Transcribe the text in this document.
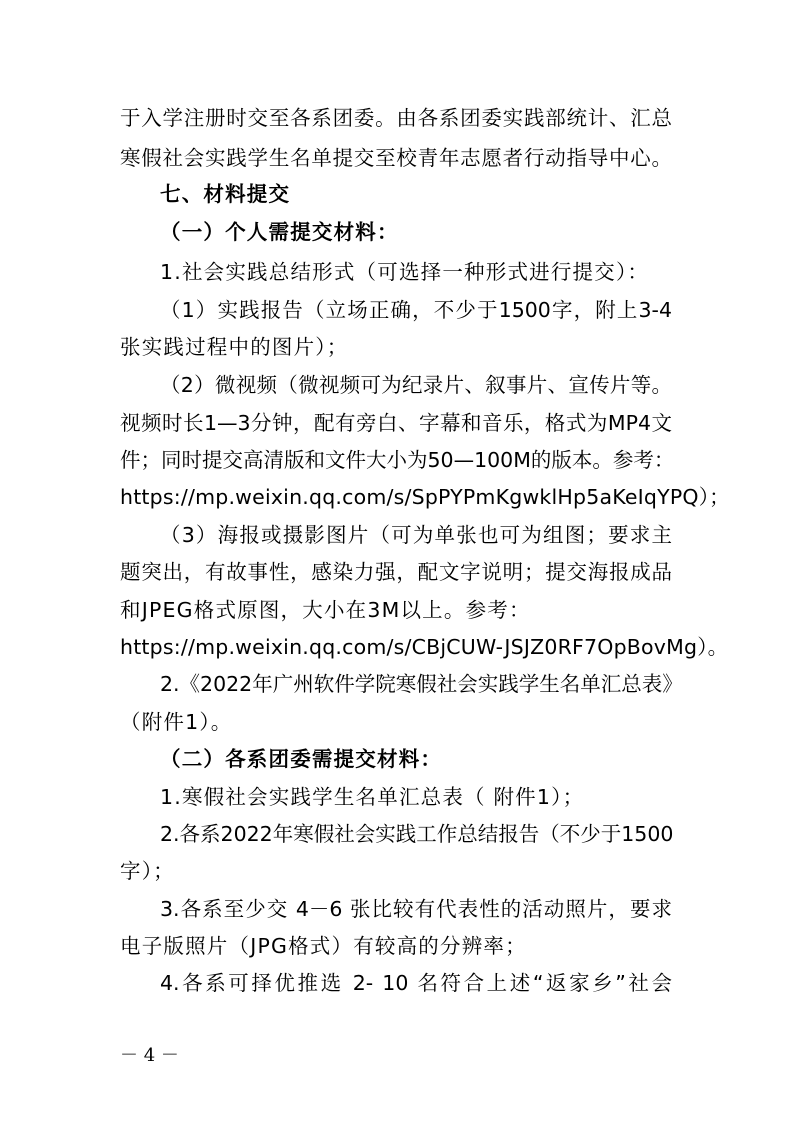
于入学注册时交至各系团委。由各系团委实践部统计、汇总
寒假社会实践学生名单提交至校青年志愿者行动指导中心。
七、材料提交
（一）个人需提交材料：
1.社会实践总结形式（可选择一种形式进行提交）：
（1）实践报告（立场正确，不少于1500字，附上3-4
张实践过程中的图片）；
（2）微视频（微视频可为纪录片、叙事片、宣传片等。
视频时长1—3分钟，配有旁白、字幕和音乐，格式为MP4文
件；同时提交高清版和文件大小为50—100M的版本。参考：
https://mp.weixin.qq.com/s/SpPYPmKgwklHp5aKeIqYPQ）；
（3）海报或摄影图片（可为单张也可为组图；要求主
题突出，有故事性，感染力强，配文字说明；提交海报成品
和JPEG格式原图，大小在3M以上。参考：
https://mp.weixin.qq.com/s/CBjCUW-JSJZ0RF7OpBovMg）。
2.《2022年广州软件学院寒假社会实践学生名单汇总表》
（附件1）。
（二）各系团委需提交材料：
1.寒假社会实践学生名单汇总表（ 附件1）；
2.各系2022年寒假社会实践工作总结报告（不少于1500
字）；
3.各系至少交 4－6 张比较有代表性的活动照片，要求
电子版照片（JPG格式）有较高的分辨率；
4.各系可择优推选 2- 10 名符合上述“返家乡”社会
－ 4 －
